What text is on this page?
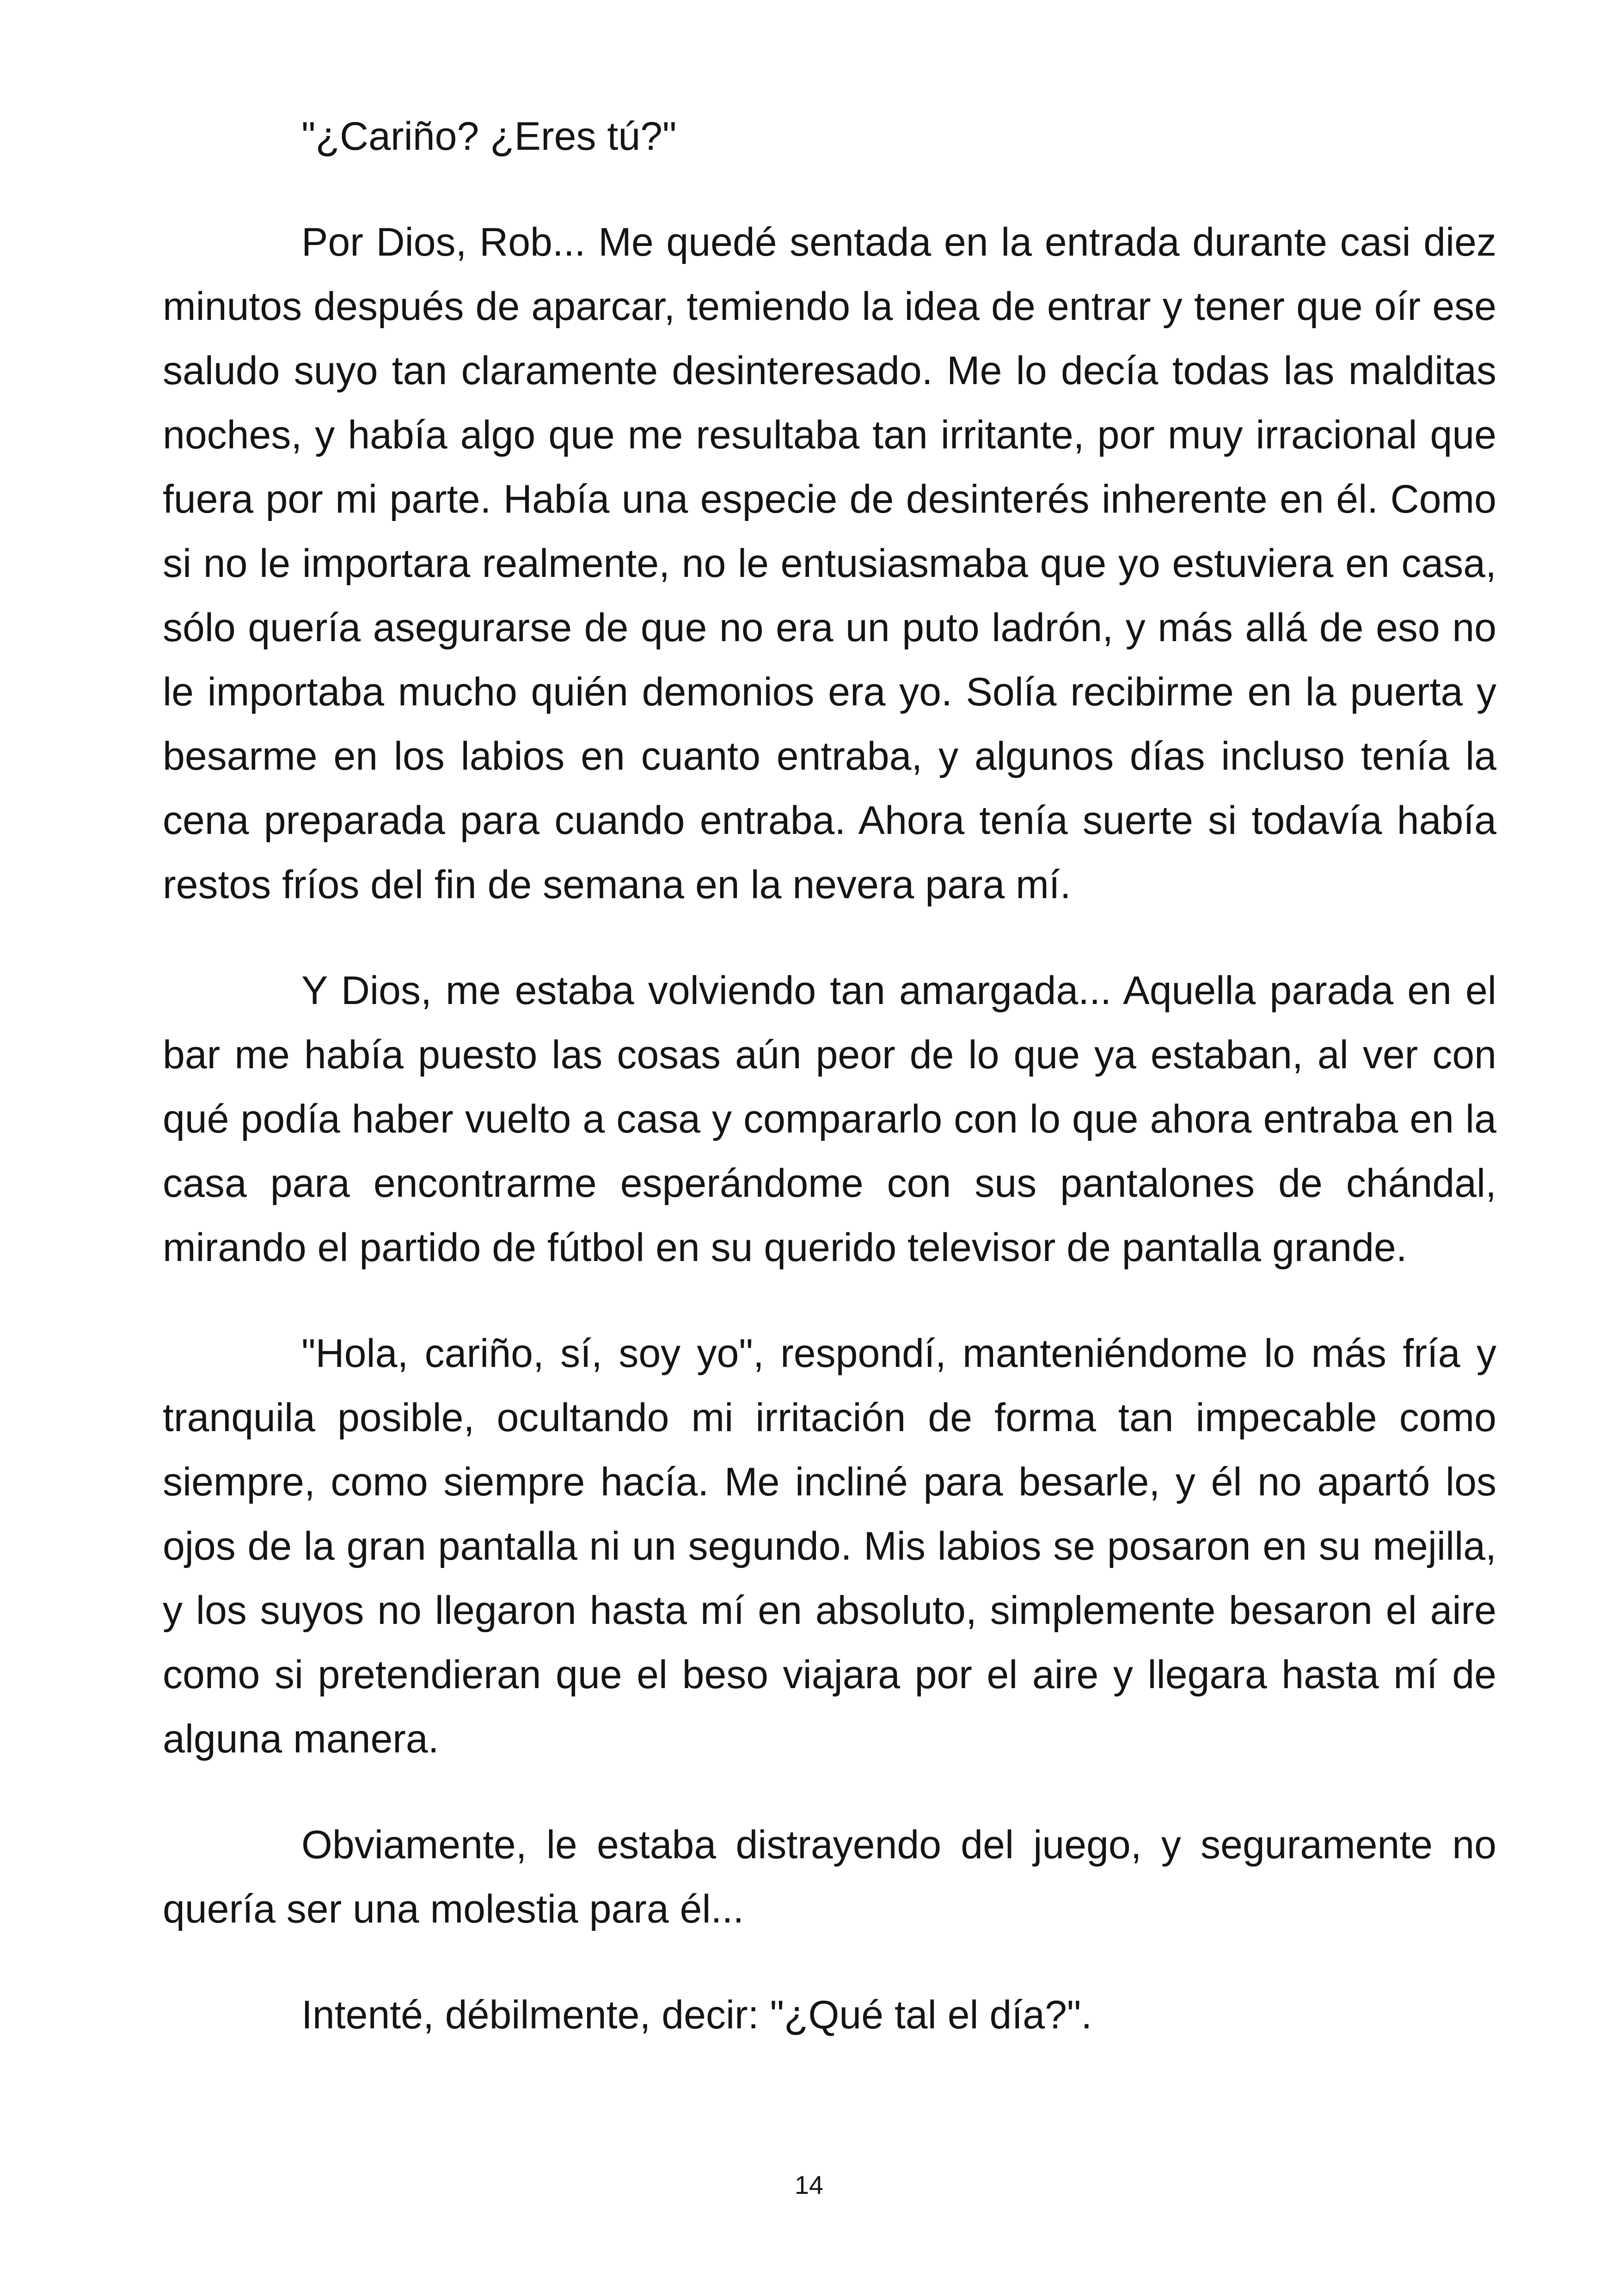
"¿Cariño? ¿Eres tú?"

Por Dios, Rob... Me quedé sentada en la entrada durante casi diez minutos después de aparcar, temiendo la idea de entrar y tener que oír ese saludo suyo tan claramente desinteresado. Me lo decía todas las malditas noches, y había algo que me resultaba tan irritante, por muy irracional que fuera por mi parte. Había una especie de desinterés inherente en él. Como si no le importara realmente, no le entusiasmaba que yo estuviera en casa, sólo quería asegurarse de que no era un puto ladrón, y más allá de eso no le importaba mucho quién demonios era yo. Solía recibirme en la puerta y besarme en los labios en cuanto entraba, y algunos días incluso tenía la cena preparada para cuando entraba. Ahora tenía suerte si todavía había restos fríos del fin de semana en la nevera para mí.

Y Dios, me estaba volviendo tan amargada... Aquella parada en el bar me había puesto las cosas aún peor de lo que ya estaban, al ver con qué podía haber vuelto a casa y compararlo con lo que ahora entraba en la casa para encontrarme esperándome con sus pantalones de chándal, mirando el partido de fútbol en su querido televisor de pantalla grande.

"Hola, cariño, sí, soy yo", respondí, manteniéndome lo más fría y tranquila posible, ocultando mi irritación de forma tan impecable como siempre, como siempre hacía. Me incliné para besarle, y él no apartó los ojos de la gran pantalla ni un segundo. Mis labios se posaron en su mejilla, y los suyos no llegaron hasta mí en absoluto, simplemente besaron el aire como si pretendieran que el beso viajara por el aire y llegara hasta mí de alguna manera.

Obviamente, le estaba distrayendo del juego, y seguramente no quería ser una molestia para él...

Intenté, débilmente, decir: "¿Qué tal el día?".

14
